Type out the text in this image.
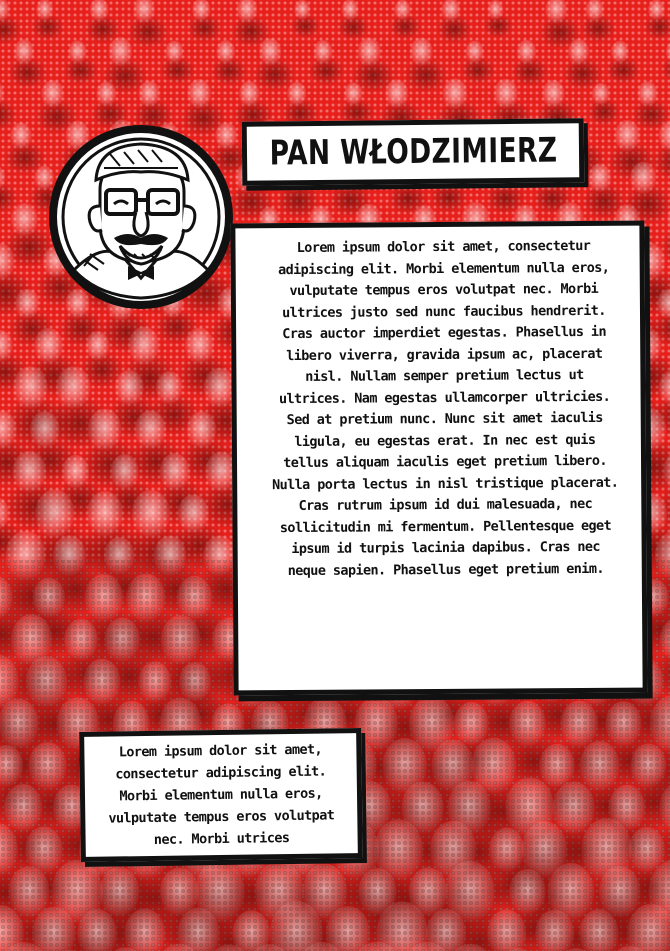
PAN WŁODZIMIERZ

Lorem ipsum dolor sit amet, consectetur adipiscing elit. Morbi elementum nulla eros, vulputate tempus eros volutpat nec. Morbi ultrices justo sed nunc faucibus hendrerit. Cras auctor imperdiet egestas. Phasellus in libero viverra, gravida ipsum ac, placerat nisl. Nullam semper pretium lectus ut ultrices. Nam egestas ullamcorper ultricies. Sed at pretium nunc. Nunc sit amet iaculis ligula, eu egestas erat. In nec est quis tellus aliquam iaculis eget pretium libero. Nulla porta lectus in nisl tristique placerat. Cras rutrum ipsum id dui malesuada, nec sollicitudin mi fermentum. Pellentesque eget ipsum id turpis lacinia dapibus. Cras nec neque sapien. Phasellus eget pretium enim.

Lorem ipsum dolor sit amet, consectetur adipiscing elit. Morbi elementum nulla eros, vulputate tempus eros volutpat nec. Morbi utrices
